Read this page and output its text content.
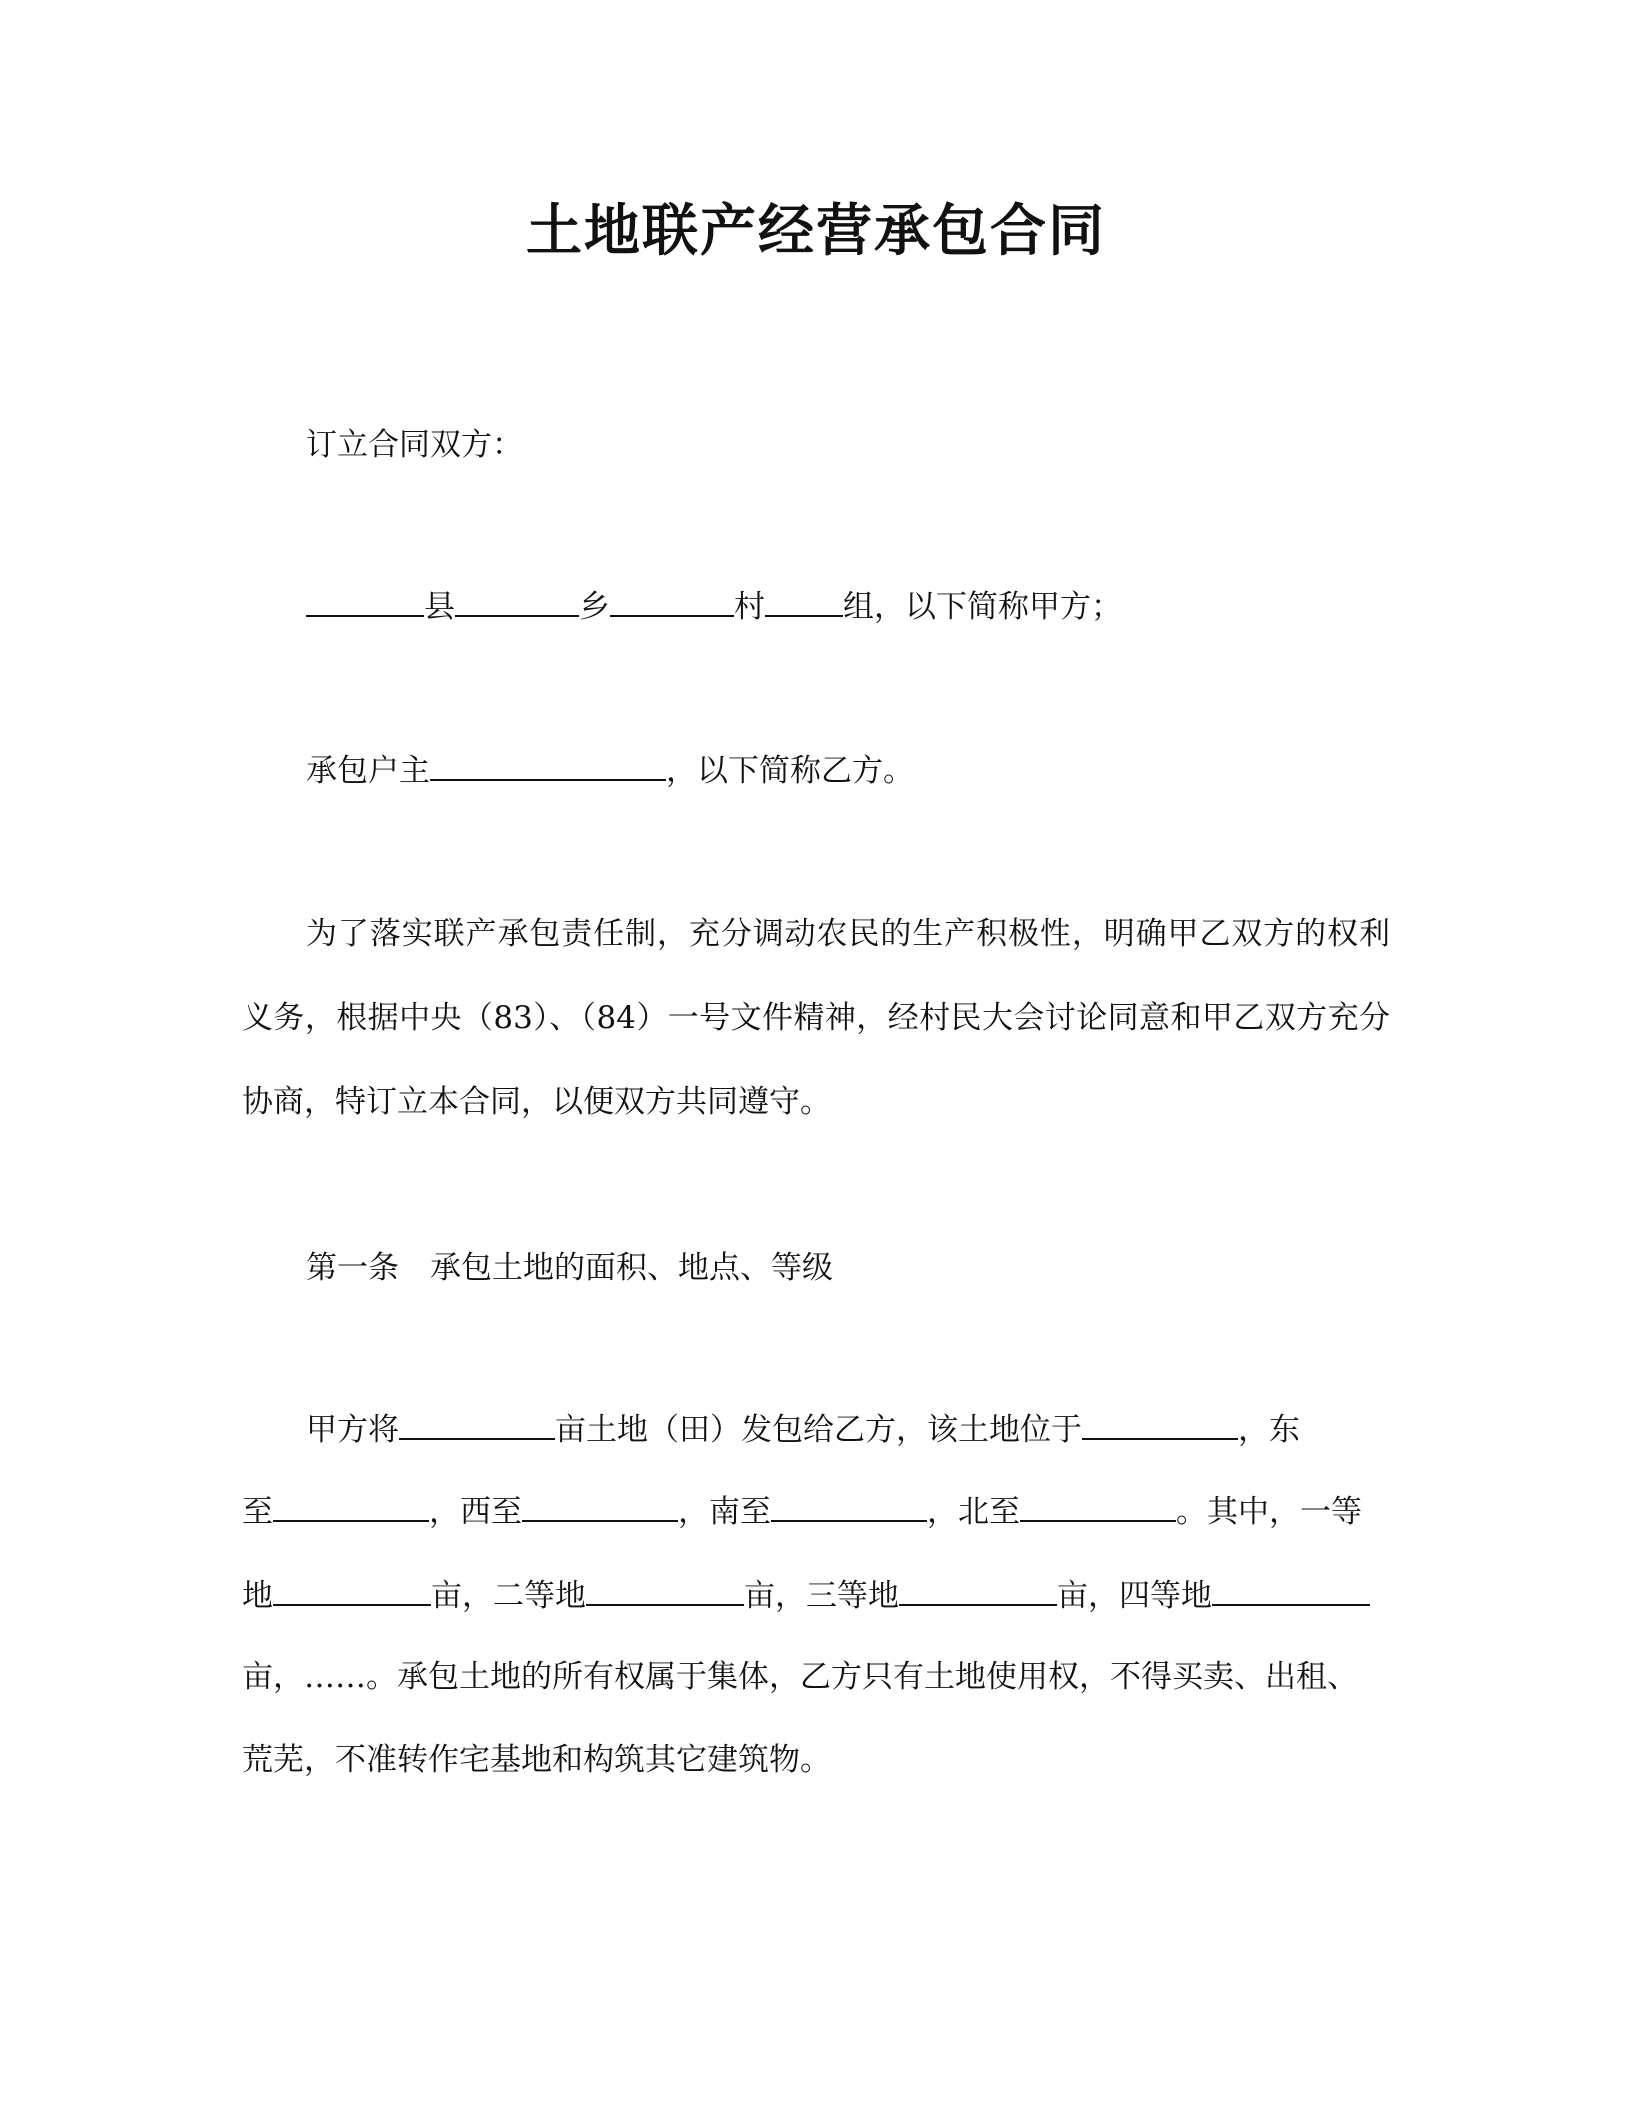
土地联产经营承包合同
订立合同双方：
县	乡	村	组，以下简称甲方；
承包户主	，以下简称乙方。
为了落实联产承包责任制，充分调动农民的生产积极性，明确甲乙双方的权利义务，根据中央（83）、（84）一号文件精神，经村民大会讨论同意和甲乙双方充分协商，特订立本合同，以便双方共同遵守。
第一条　承包土地的面积、地点、等级
甲方将	亩土地（田）发包给乙方，该土地位于	，东
至	，西至	，南至	，北至	。其中，一等
地	亩，二等地	亩，三等地	亩，四等地
亩，……。承包土地的所有权属于集体，乙方只有土地使用权，不得买卖、出租、
荒芜，不准转作宅基地和构筑其它建筑物。
